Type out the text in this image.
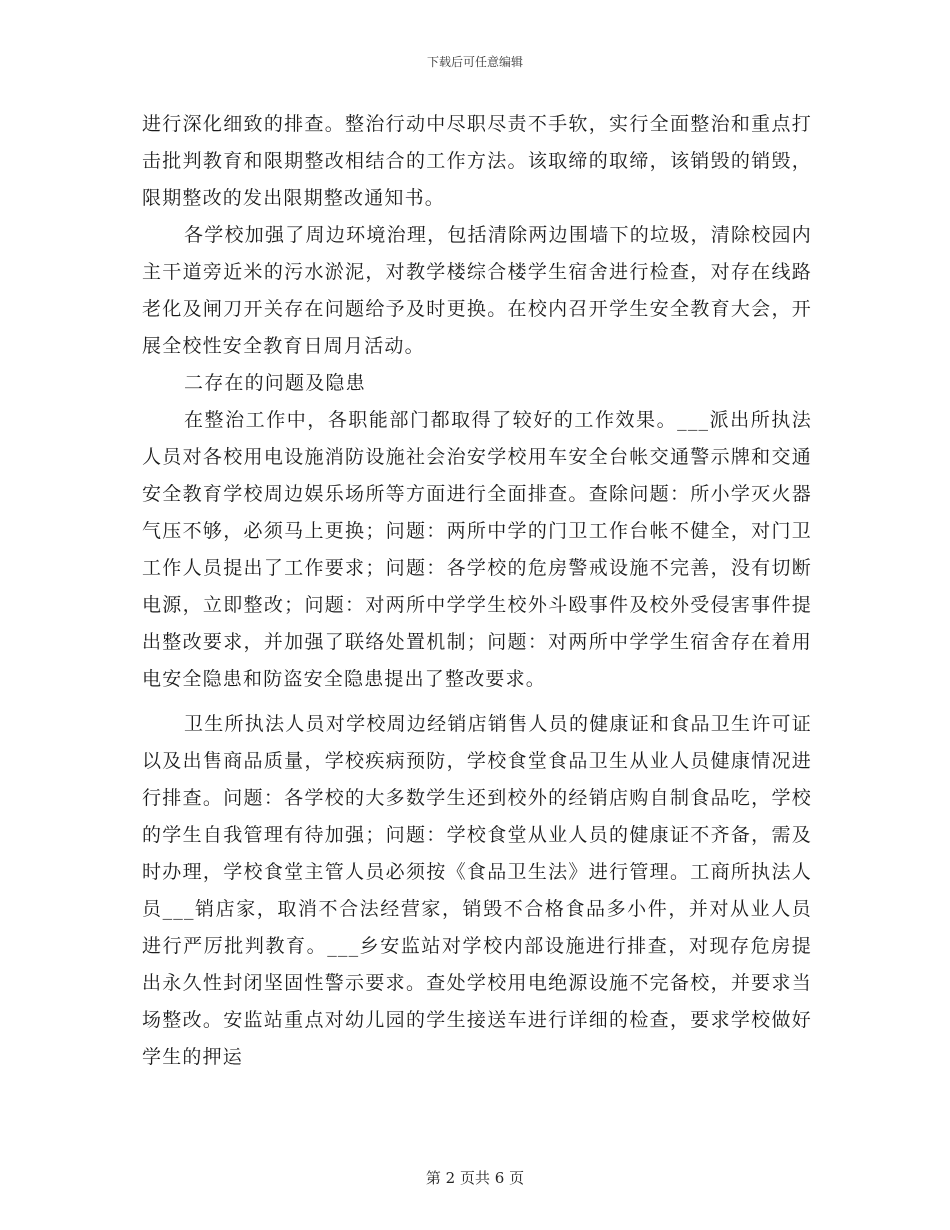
下载后可任意编辑

进行深化细致的排查。整治行动中尽职尽责不手软，实行全面整治和重点打击批判教育和限期整改相结合的工作方法。该取缔的取缔，该销毁的销毁，限期整改的发出限期整改通知书。

各学校加强了周边环境治理，包括清除两边围墙下的垃圾，清除校园内主干道旁近米的污水淤泥，对教学楼综合楼学生宿舍进行检查，对存在线路老化及闸刀开关存在问题给予及时更换。在校内召开学生安全教育大会，开展全校性安全教育日周月活动。

二存在的问题及隐患

在整治工作中，各职能部门都取得了较好的工作效果。___派出所执法人员对各校用电设施消防设施社会治安学校用车安全台帐交通警示牌和交通安全教育学校周边娱乐场所等方面进行全面排查。查除问题：所小学灭火器气压不够，必须马上更换；问题：两所中学的门卫工作台帐不健全，对门卫工作人员提出了工作要求；问题：各学校的危房警戒设施不完善，没有切断电源，立即整改；问题：对两所中学学生校外斗殴事件及校外受侵害事件提出整改要求，并加强了联络处置机制；问题：对两所中学学生宿舍存在着用电安全隐患和防盗安全隐患提出了整改要求。

卫生所执法人员对学校周边经销店销售人员的健康证和食品卫生许可证以及出售商品质量，学校疾病预防，学校食堂食品卫生从业人员健康情况进行排查。问题：各学校的大多数学生还到校外的经销店购自制食品吃，学校的学生自我管理有待加强；问题：学校食堂从业人员的健康证不齐备，需及时办理，学校食堂主管人员必须按《食品卫生法》进行管理。工商所执法人员___销店家，取消不合法经营家，销毁不合格食品多小件，并对从业人员进行严厉批判教育。___乡安监站对学校内部设施进行排查，对现存危房提出永久性封闭坚固性警示要求。查处学校用电绝源设施不完备校，并要求当场整改。安监站重点对幼儿园的学生接送车进行详细的检查，要求学校做好学生的押运

第 2 页共 6 页
